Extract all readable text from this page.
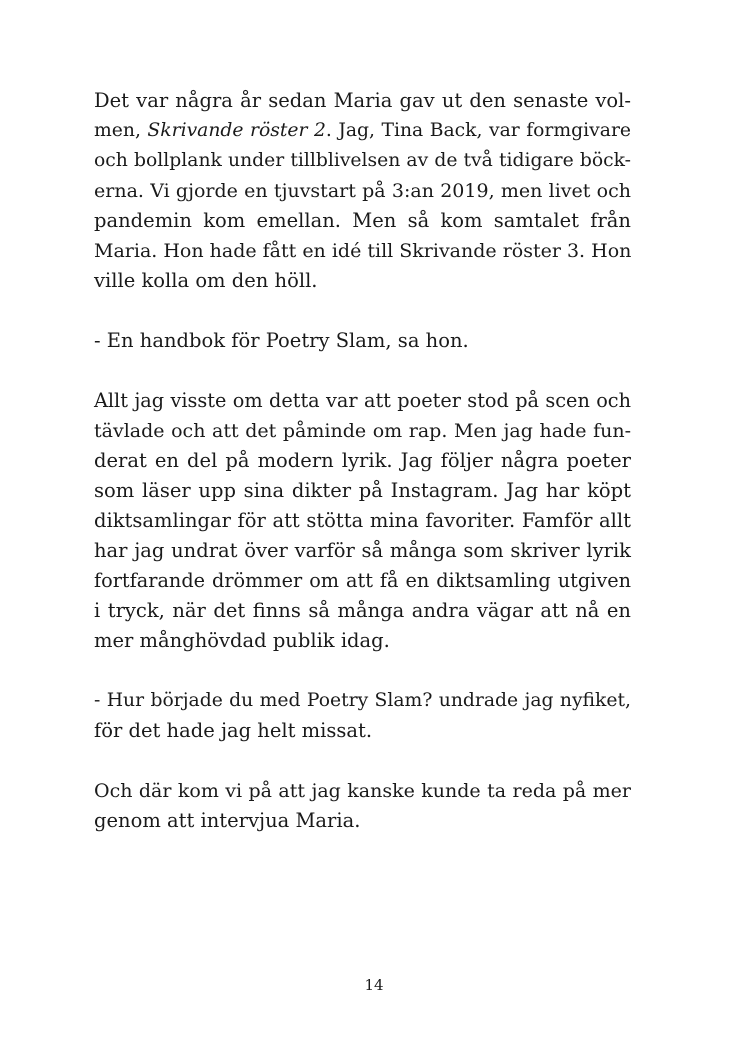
Det var några år sedan Maria gav ut den senaste vol-
men, Skrivande röster 2. Jag, Tina Back, var formgivare
och bollplank under tillblivelsen av de två tidigare böck-
erna. Vi gjorde en tjuvstart på 3:an 2019, men livet och
pandemin kom emellan. Men så kom samtalet från
Maria. Hon hade fått en idé till Skrivande röster 3. Hon
ville kolla om den höll.
- En handbok för Poetry Slam, sa hon.
Allt jag visste om detta var att poeter stod på scen och
tävlade och att det påminde om rap. Men jag hade fun-
derat en del på modern lyrik. Jag följer några poeter
som läser upp sina dikter på Instagram. Jag har köpt
diktsamlingar för att stötta mina favoriter. Famför allt
har jag undrat över varför så många som skriver lyrik
fortfarande drömmer om att få en diktsamling utgiven
i tryck, när det finns så många andra vägar att nå en
mer månghövdad publik idag.
- Hur började du med Poetry Slam? undrade jag nyfiket,
för det hade jag helt missat.
Och där kom vi på att jag kanske kunde ta reda på mer
genom att intervjua Maria.
14
